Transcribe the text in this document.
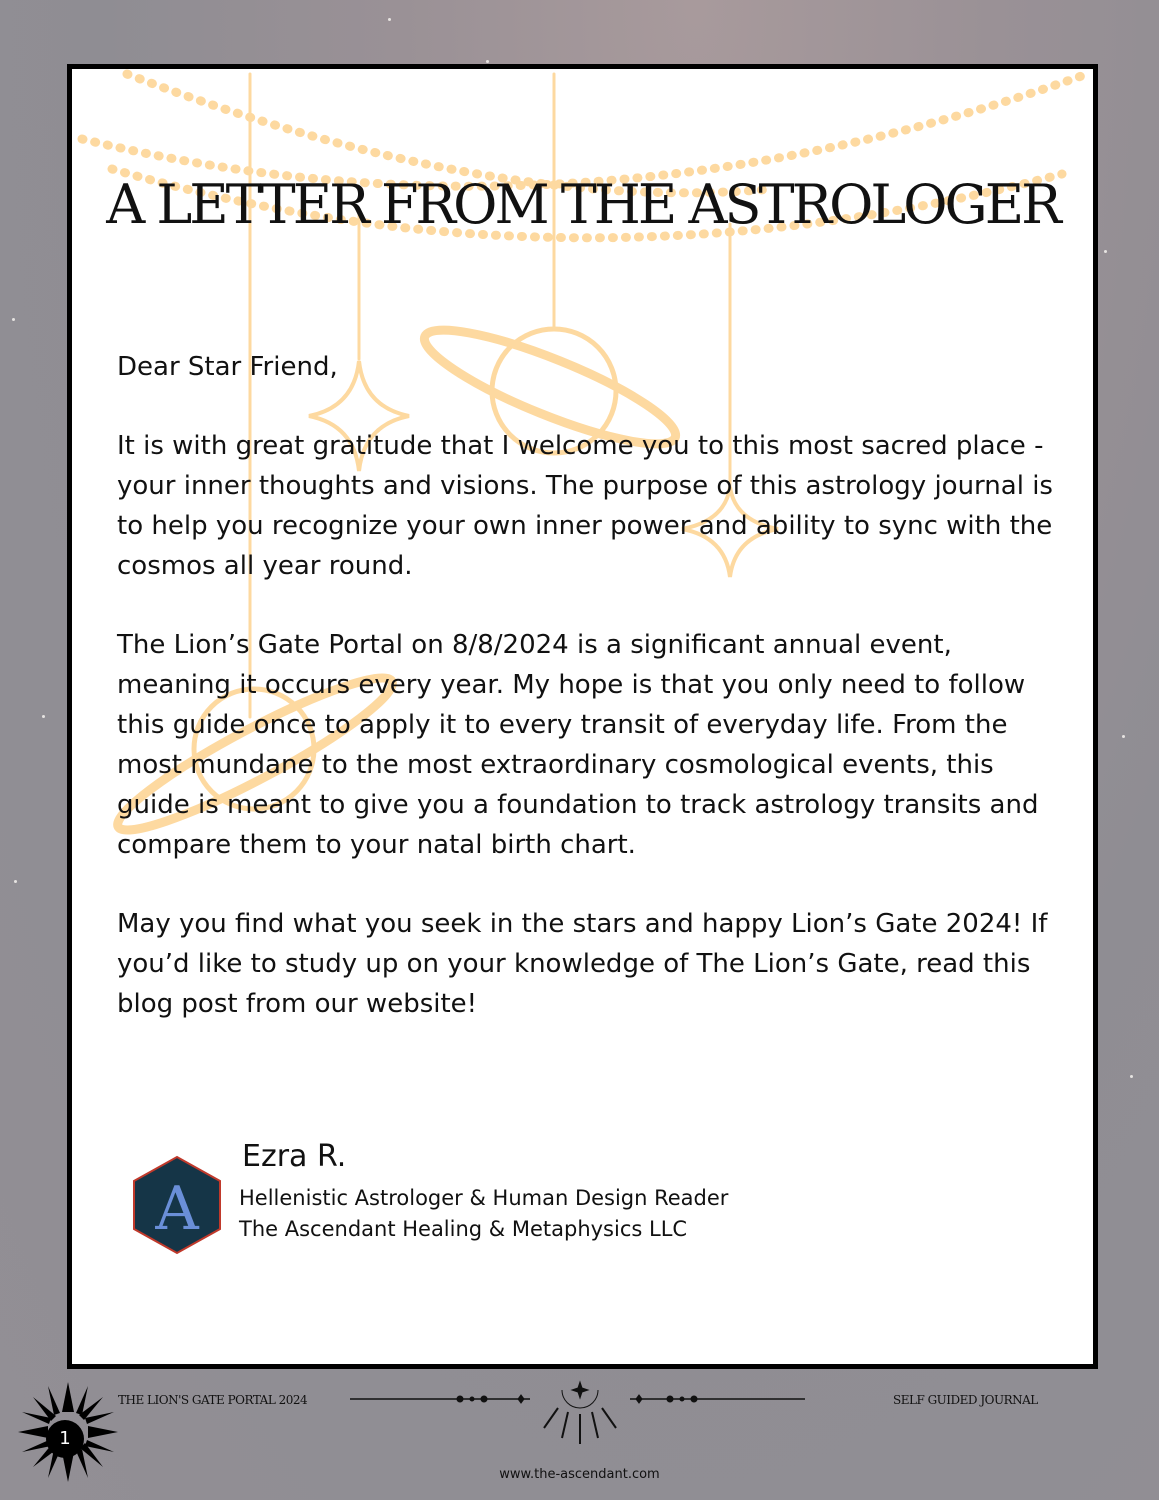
A LETTER FROM THE ASTROLOGER

Dear Star Friend,

It is with great gratitude that I welcome you to this most sacred place - your inner thoughts and visions. The purpose of this astrology journal is to help you recognize your own inner power and ability to sync with the cosmos all year round.

The Lion’s Gate Portal on 8/8/2024 is a significant annual event, meaning it occurs every year. My hope is that you only need to follow this guide once to apply it to every transit of everyday life. From the most mundane to the most extraordinary cosmological events, this guide is meant to give you a foundation to track astrology transits and compare them to your natal birth chart.

May you find what you seek in the stars and happy Lion’s Gate 2024! If you’d like to study up on your knowledge of The Lion’s Gate, read this blog post from our website!

A
Ezra R.
Hellenistic Astrologer & Human Design Reader
The Ascendant Healing & Metaphysics LLC
1
THE LION'S GATE PORTAL 2024	SELF GUIDED JOURNAL
www.the-ascendant.com
